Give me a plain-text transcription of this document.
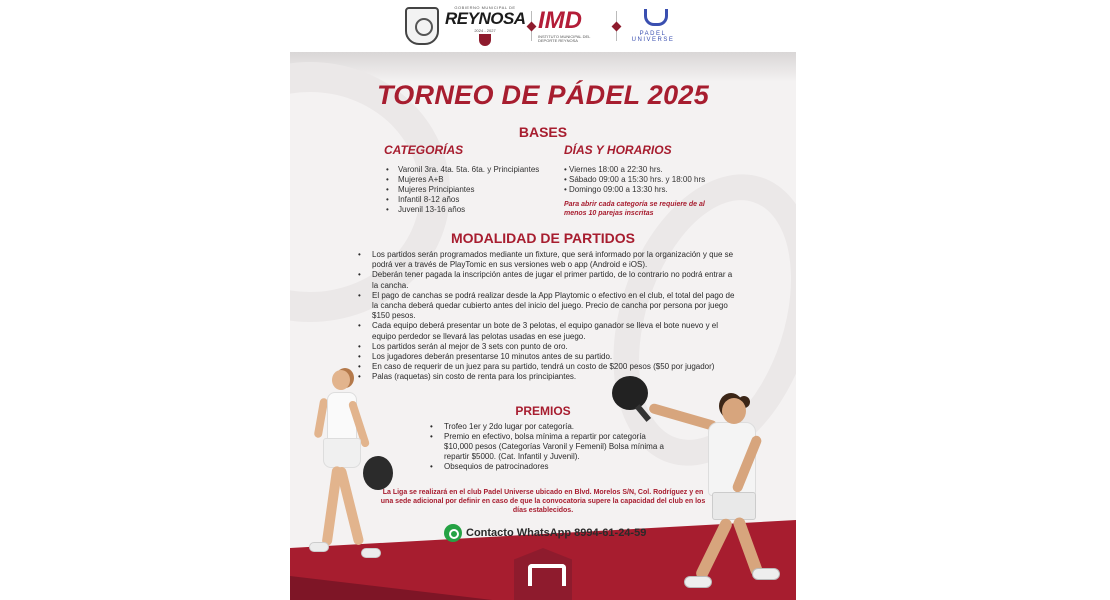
GOBIERNO MUNICIPAL DE
REYNOSA
2024 - 2027	IMD
INSTITUTO MUNICIPAL DEL DEPORTE REYNOSA
PADEL UNIVERSE
TORNEO DE PÁDEL 2025
BASES
CATEGORÍAS
• Varonil 3ra. 4ta. 5ta. 6ta. y Principiantes
• Mujeres A+B
• Mujeres Principiantes
• Infantil 8-12 años
• Juvenil 13-16 años
DÍAS Y HORARIOS
• Viernes 18:00 a 22:30 hrs.
• Sábado 09:00 a 15:30 hrs. y 18:00 hrs
• Domingo 09:00 a 13:30 hrs.

Para abrir cada categoría se requiere de al menos 10 parejas inscritas

MODALIDAD DE PARTIDOS
•	Los partidos serán programados mediante un fixture, que será informado por la organización y que se podrá ver a través de PlayTomic en sus versiones web o app (Android e iOS).
•	Deberán tener pagada la inscripción antes de jugar el primer partido, de lo contrario no podrá entrar a la cancha.
•	El pago de canchas se podrá realizar desde la App Playtomic o efectivo en el club, el total del pago de la cancha deberá quedar cubierto antes del inicio del juego. Precio de cancha por persona por juego $150 pesos.
•	Cada equipo deberá presentar un bote de 3 pelotas, el equipo ganador se lleva el bote nuevo y el equipo perdedor se llevará las pelotas usadas en ese juego.
•	Los partidos serán al mejor de 3 sets con punto de oro.
•	Los jugadores deberán presentarse 10 minutos antes de su partido.
•	En caso de requerir de un juez para su partido, tendrá un costo de $200 pesos ($50 por jugador)
•	Palas (raquetas) sin costo de renta para los principiantes.
PREMIOS
•	Trofeo 1er y 2do lugar por categoría.
•	Premio en efectivo, bolsa mínima a repartir por categoría $10,000 pesos (Categorías Varonil y Femenil) Bolsa mínima a repartir $5000. (Cat. Infantil y Juvenil).
•	Obsequios de patrocinadores

La Liga se realizará en el club Padel Universe ubicado en Blvd. Morelos S/N, Col. Rodríguez y en una sede adicional por definir en caso de que la convocatoria supere la capacidad del club en los días establecidos.

Contacto WhatsApp 8994-61-24-59
